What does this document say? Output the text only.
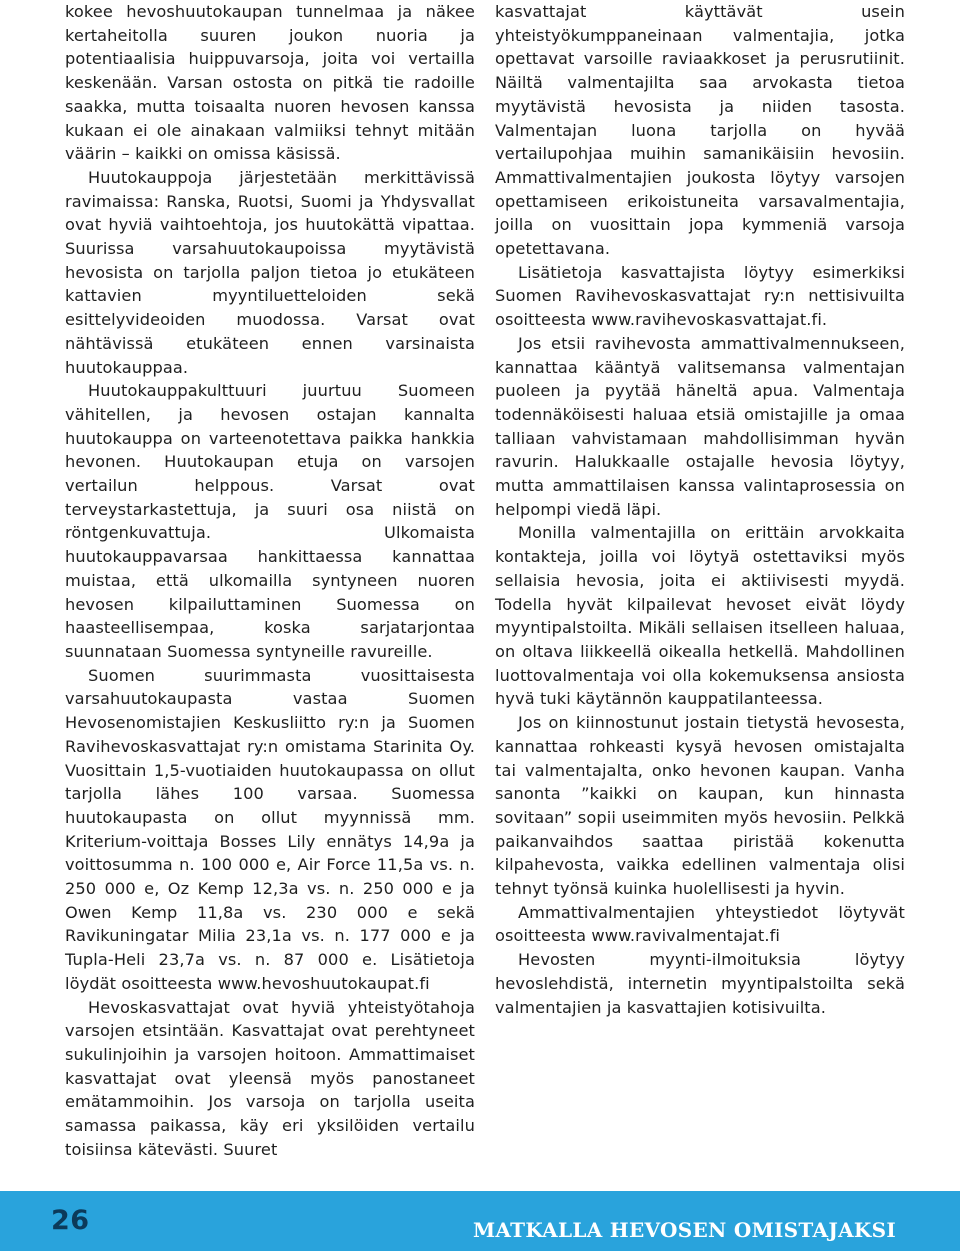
kokee hevoshuutokaupan tunnelmaa ja näkee kertaheitolla suuren joukon nuoria ja potentiaalisia huippuvarsoja, joita voi vertailla keskenään. Varsan ostosta on pitkä tie radoille saakka, mutta toisaalta nuoren hevosen kanssa kukaan ei ole ainakaan valmiiksi tehnyt mitään väärin – kaikki on omissa käsissä.

Huutokauppoja järjestetään merkittävissä ravimaissa: Ranska, Ruotsi, Suomi ja Yhdysvallat ovat hyviä vaihtoehtoja, jos huutokättä vipattaa. Suurissa varsahuutokaupoissa myytävistä hevosista on tarjolla paljon tietoa jo etukäteen kattavien myyntiluetteloiden sekä esittelyvideoiden muodossa. Varsat ovat nähtävissä etukäteen ennen varsinaista huutokauppaa.

Huutokauppakulttuuri juurtuu Suomeen vähitellen, ja hevosen ostajan kannalta huutokauppa on varteenotettava paikka hankkia hevonen. Huutokaupan etuja on varsojen vertailun helppous. Varsat ovat terveystarkastettuja, ja suuri osa niistä on röntgenkuvattuja. Ulkomaista huutokauppavarsaa hankittaessa kannattaa muistaa, että ulkomailla syntyneen nuoren hevosen kilpailuttaminen Suomessa on haasteellisempaa, koska sarjatarjontaa suunnataan Suomessa syntyneille ravureille.

Suomen suurimmasta vuosittaisesta varsahuutokaupasta vastaa Suomen Hevosenomistajien Keskusliitto ry:n ja Suomen Ravihevoskasvattajat ry:n omistama Starinita Oy. Vuosittain 1,5-vuotiaiden huutokaupassa on ollut tarjolla lähes 100 varsaa. Suomessa huutokaupasta on ollut myynnissä mm. Kriterium-voittaja Bosses Lily ennätys 14,9a ja voittosumma n. 100 000 e, Air Force 11,5a vs. n. 250 000 e, Oz Kemp 12,3a vs. n. 250 000 e ja Owen Kemp 11,8a vs. 230 000 e sekä Ravikuningatar Milia 23,1a vs. n. 177 000 e ja Tupla-Heli 23,7a vs. n. 87 000 e. Lisätietoja löydät osoitteesta www.hevoshuutokaupat.fi

Hevoskasvattajat ovat hyviä yhteistyötahoja varsojen etsintään. Kasvattajat ovat perehtyneet sukulinjoihin ja varsojen hoitoon. Ammattimaiset kasvattajat ovat yleensä myös panostaneet emätammoihin. Jos varsoja on tarjolla useita samassa paikassa, käy eri yksilöiden vertailu toisiinsa kätevästi. Suuret

kasvattajat käyttävät usein yhteistyökumppaneinaan valmentajia, jotka opettavat varsoille raviaakkoset ja perusrutiinit. Näiltä valmentajilta saa arvokasta tietoa myytävistä hevosista ja niiden tasosta. Valmentajan luona tarjolla on hyvää vertailupohjaa muihin samanikäisiin hevosiin. Ammattivalmentajien joukosta löytyy varsojen opettamiseen erikoistuneita varsavalmentajia, joilla on vuosittain jopa kymmeniä varsoja opetettavana.

Lisätietoja kasvattajista löytyy esimerkiksi Suomen Ravihevoskasvattajat ry:n nettisivuilta osoitteesta www.ravihevoskasvattajat.fi.

Jos etsii ravihevosta ammattivalmennukseen, kannattaa kääntyä valitsemansa valmentajan puoleen ja pyytää häneltä apua. Valmentaja todennäköisesti haluaa etsiä omistajille ja omaa talliaan vahvistamaan mahdollisimman hyvän ravurin. Halukkaalle ostajalle hevosia löytyy, mutta ammattilaisen kanssa valintaprosessia on helpompi viedä läpi.

Monilla valmentajilla on erittäin arvokkaita kontakteja, joilla voi löytyä ostettaviksi myös sellaisia hevosia, joita ei aktiivisesti myydä. Todella hyvät kilpailevat hevoset eivät löydy myyntipalstoilta. Mikäli sellaisen itselleen haluaa, on oltava liikkeellä oikealla hetkellä. Mahdollinen luottovalmentaja voi olla kokemuksensa ansiosta hyvä tuki käytännön kauppatilanteessa.

Jos on kiinnostunut jostain tietystä hevosesta, kannattaa rohkeasti kysyä hevosen omistajalta tai valmentajalta, onko hevonen kaupan. Vanha sanonta ”kaikki on kaupan, kun hinnasta sovitaan” sopii useimmiten myös hevosiin. Pelkkä paikanvaihdos saattaa piristää kokenutta kilpahevosta, vaikka edellinen valmentaja olisi tehnyt työnsä kuinka huolellisesti ja hyvin.

Ammattivalmentajien yhteystiedot löytyvät osoitteesta www.ravivalmentajat.fi

Hevosten myynti-ilmoituksia löytyy hevoslehdistä, internetin myyntipalstoilta sekä valmentajien ja kasvattajien kotisivuilta.

26	MATKALLA HEVOSEN OMISTAJAKSI
